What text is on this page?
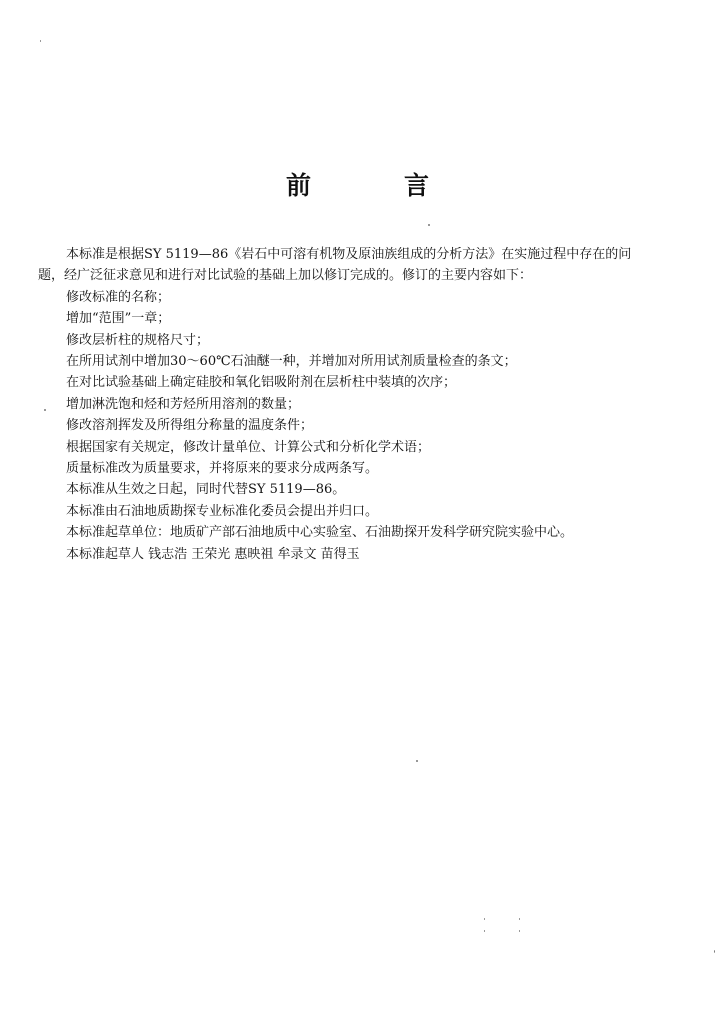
前	言
本标准是根据SY 5119—86《岩石中可溶有机物及原油族组成的分析方法》在实施过程中存在的问
题，经广泛征求意见和进行对比试验的基础上加以修订完成的。修订的主要内容如下：
修改标准的名称；
增加“范围”一章；
修改层析柱的规格尺寸；
在所用试剂中增加30～60℃石油醚一种，并增加对所用试剂质量检查的条文；
在对比试验基础上确定硅胶和氧化铝吸附剂在层析柱中装填的次序；
增加淋洗饱和烃和芳烃所用溶剂的数量；
修改溶剂挥发及所得组分称量的温度条件；
根据国家有关规定，修改计量单位、计算公式和分析化学术语；
质量标准改为质量要求，并将原来的要求分成两条写。
本标准从生效之日起，同时代替SY 5119—86。
本标准由石油地质勘探专业标准化委员会提出并归口。
本标准起草单位：地质矿产部石油地质中心实验室、石油勘探开发科学研究院实验中心。
本标准起草人 钱志浩 王荣光 惠映祖 牟录文 苗得玉
